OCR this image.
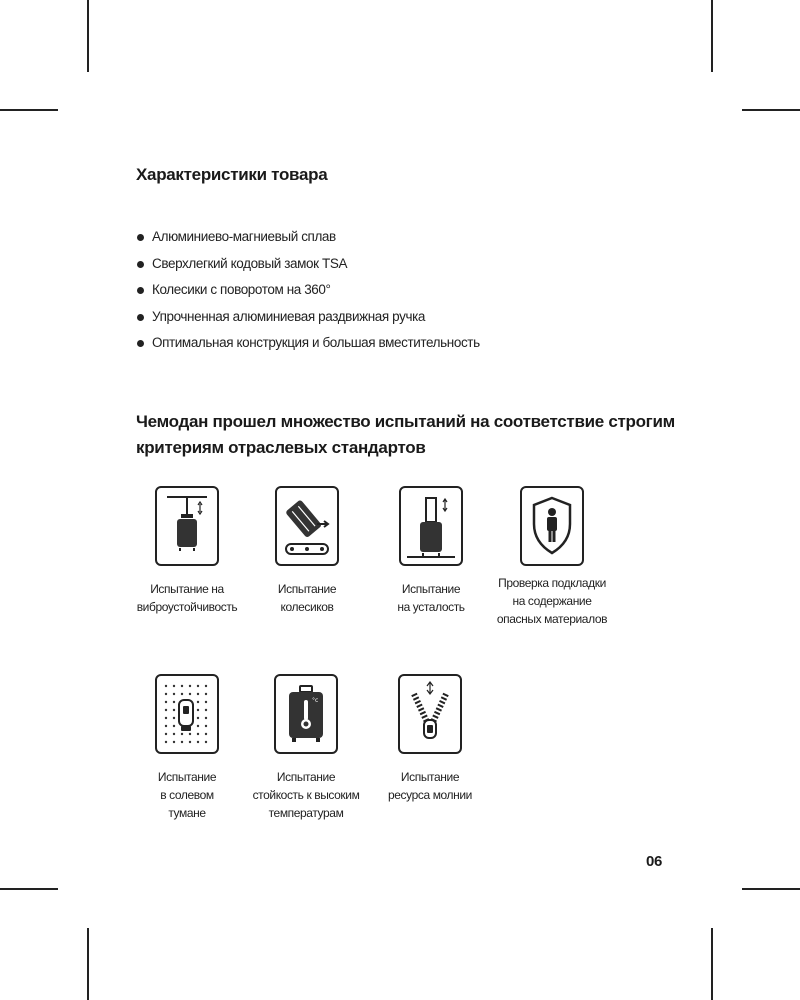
Характеристики товара
Алюминиево-магниевый сплав
Сверхлегкий кодовый замок TSA
Колесики с поворотом на 360°
Упрочненная алюминиевая раздвижная ручка
Оптимальная конструкция и большая вместительность
Чемодан прошел множество испытаний на соответствие строгим критериям отраслевых стандартов
Испытание на
виброустойчивость
Испытание
колесиков
Испытание
на усталость
Проверка подкладки
на содержание
опасных материалов
Испытание
в солевом
тумане
°c
Испытание
стойкость к высоким
температурам
Испытание
ресурса молнии
06
